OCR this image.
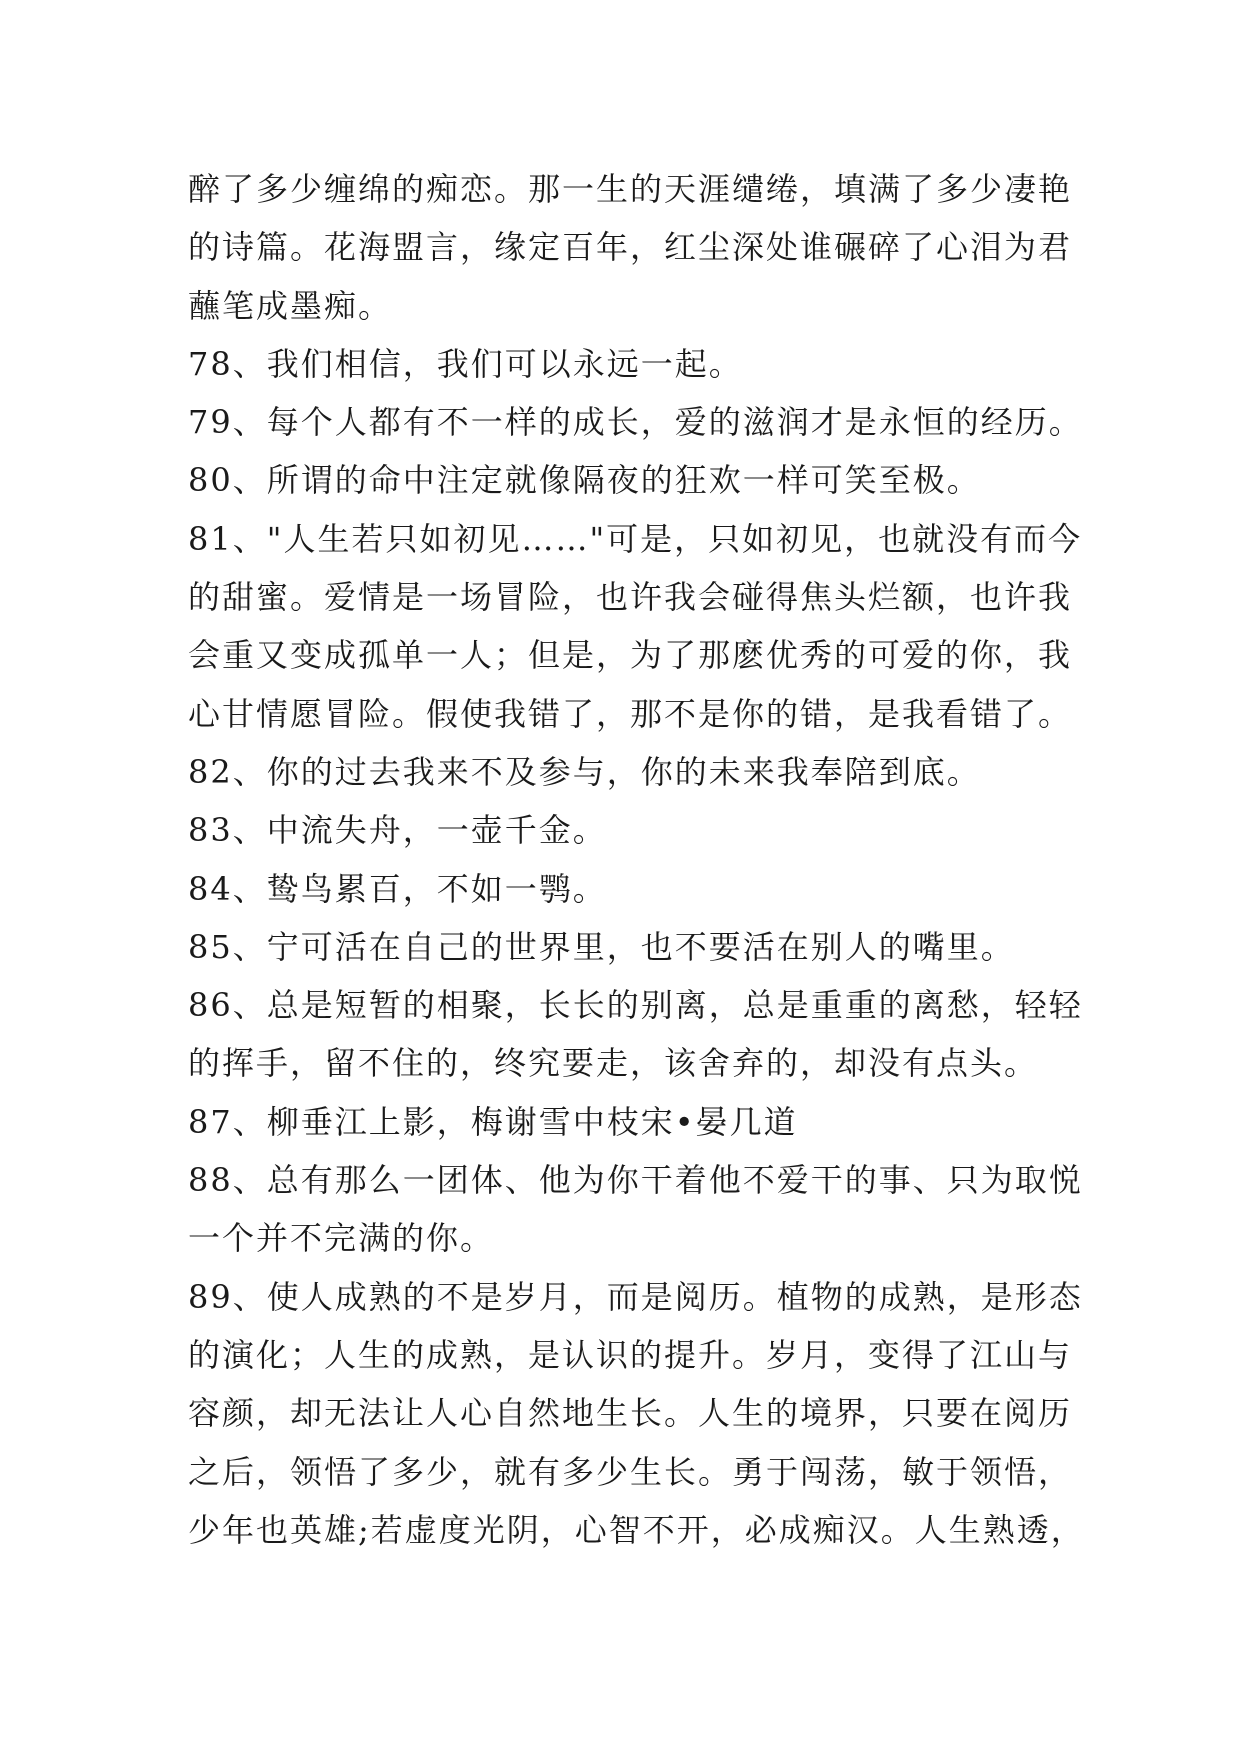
醉了多少缠绵的痴恋。那一生的天涯缱绻，填满了多少凄艳
的诗篇。花海盟言，缘定百年，红尘深处谁碾碎了心泪为君
蘸笔成墨痴。
78、我们相信，我们可以永远一起。
79、每个人都有不一样的成长，爱的滋润才是永恒的经历。
80、所谓的命中注定就像隔夜的狂欢一样可笑至极。
81、"人生若只如初见……"可是，只如初见，也就没有而今
的甜蜜。爱情是一场冒险，也许我会碰得焦头烂额，也许我
会重又变成孤单一人；但是，为了那麽优秀的可爱的你，我
心甘情愿冒险。假使我错了，那不是你的错，是我看错了。
82、你的过去我来不及参与，你的未来我奉陪到底。
83、中流失舟，一壶千金。
84、鸷鸟累百，不如一鹗。
85、宁可活在自己的世界里，也不要活在别人的嘴里。
86、总是短暂的相聚，长长的别离，总是重重的离愁，轻轻
的挥手，留不住的，终究要走，该舍弃的，却没有点头。
87、柳垂江上影，梅谢雪中枝宋•晏几道
88、总有那么一团体、他为你干着他不爱干的事、只为取悦
一个并不完满的你。
89、使人成熟的不是岁月，而是阅历。植物的成熟，是形态
的演化；人生的成熟，是认识的提升。岁月，变得了江山与
容颜，却无法让人心自然地生长。人生的境界，只要在阅历
之后，领悟了多少，就有多少生长。勇于闯荡，敏于领悟，
少年也英雄;若虚度光阴，心智不开，必成痴汉。人生熟透，
